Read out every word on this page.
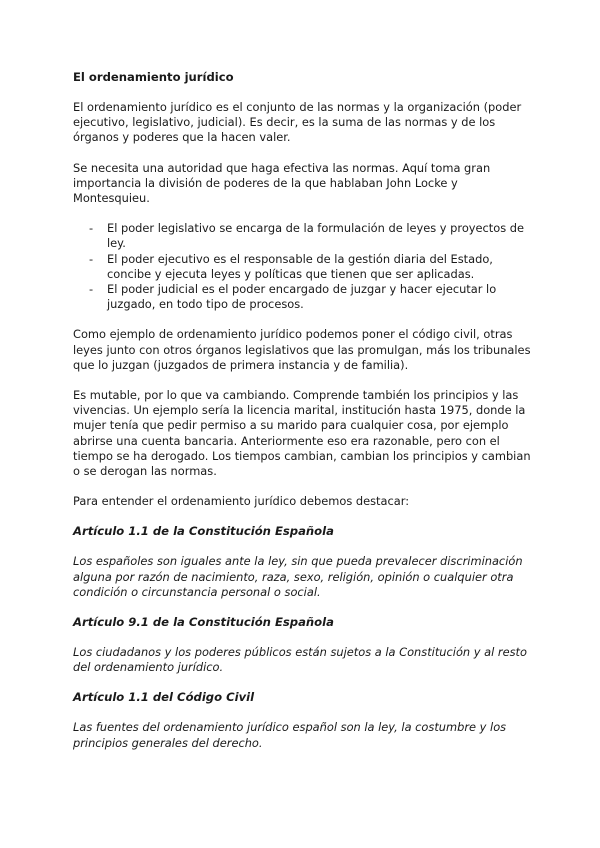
El ordenamiento jurídico

El ordenamiento jurídico es el conjunto de las normas y la organización (poder ejecutivo, legislativo, judicial). Es decir, es la suma de las normas y de los órganos y poderes que la hacen valer.

Se necesita una autoridad que haga efectiva las normas. Aquí toma gran importancia la división de poderes de la que hablaban John Locke y Montesquieu.

- El poder legislativo se encarga de la formulación de leyes y proyectos de ley.
- El poder ejecutivo es el responsable de la gestión diaria del Estado, concibe y ejecuta leyes y políticas que tienen que ser aplicadas.
- El poder judicial es el poder encargado de juzgar y hacer ejecutar lo juzgado, en todo tipo de procesos.

Como ejemplo de ordenamiento jurídico podemos poner el código civil, otras leyes junto con otros órganos legislativos que las promulgan, más los tribunales que lo juzgan (juzgados de primera instancia y de familia).

Es mutable, por lo que va cambiando. Comprende también los principios y las vivencias. Un ejemplo sería la licencia marital, institución hasta 1975, donde la mujer tenía que pedir permiso a su marido para cualquier cosa, por ejemplo abrirse una cuenta bancaria. Anteriormente eso era razonable, pero con el tiempo se ha derogado. Los tiempos cambian, cambian los principios y cambian o se derogan las normas.

Para entender el ordenamiento jurídico debemos destacar:

Artículo 1.1 de la Constitución Española

Los españoles son iguales ante la ley, sin que pueda prevalecer discriminación alguna por razón de nacimiento, raza, sexo, religión, opinión o cualquier otra condición o circunstancia personal o social.

Artículo 9.1 de la Constitución Española

Los ciudadanos y los poderes públicos están sujetos a la Constitución y al resto del ordenamiento jurídico.

Artículo 1.1 del Código Civil

Las fuentes del ordenamiento jurídico español son la ley, la costumbre y los principios generales del derecho.
